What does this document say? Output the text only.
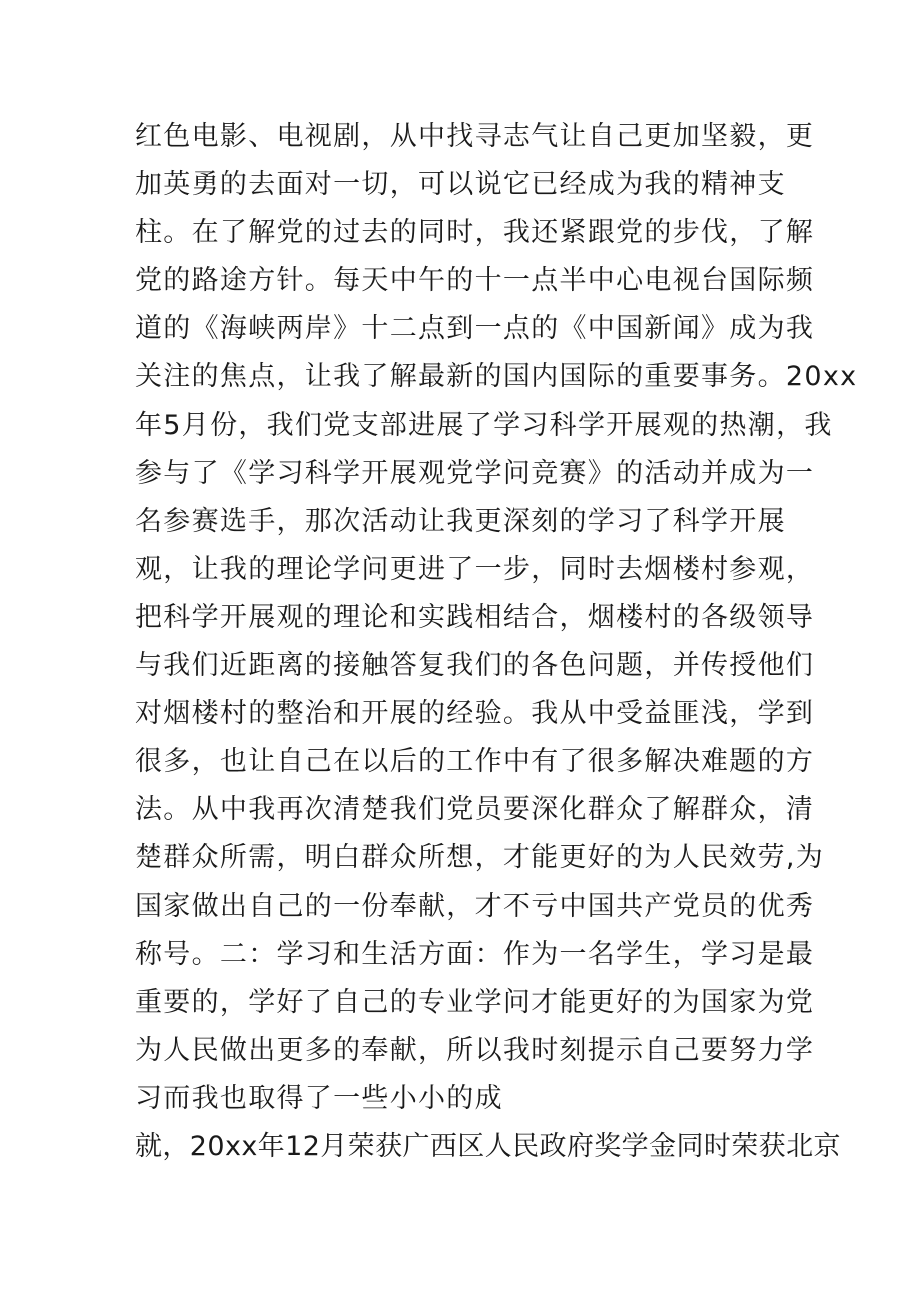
红色电影、电视剧，从中找寻志气让自己更加坚毅，更
加英勇的去面对一切，可以说它已经成为我的精神支
柱。在了解党的过去的同时，我还紧跟党的步伐，了解
党的路途方针。每天中午的十一点半中心电视台国际频
道的《海峡两岸》十二点到一点的《中国新闻》成为我
关注的焦点，让我了解最新的国内国际的重要事务。20xx
年5月份，我们党支部进展了学习科学开展观的热潮，我
参与了《学习科学开展观党学问竞赛》的活动并成为一
名参赛选手，那次活动让我更深刻的学习了科学开展
观，让我的理论学问更进了一步，同时去烟楼村参观，
把科学开展观的理论和实践相结合，烟楼村的各级领导
与我们近距离的接触答复我们的各色问题，并传授他们
对烟楼村的整治和开展的经验。我从中受益匪浅，学到
很多，也让自己在以后的工作中有了很多解决难题的方
法。从中我再次清楚我们党员要深化群众了解群众，清
楚群众所需，明白群众所想，才能更好的为人民效劳,为
国家做出自己的一份奉献，才不亏中国共产党员的优秀
称号。二：学习和生活方面：作为一名学生，学习是最
重要的，学好了自己的专业学问才能更好的为国家为党
为人民做出更多的奉献，所以我时刻提示自己要努力学
习而我也取得了一些小小的成
就，20xx年12月荣获广西区人民政府奖学金同时荣获北京
